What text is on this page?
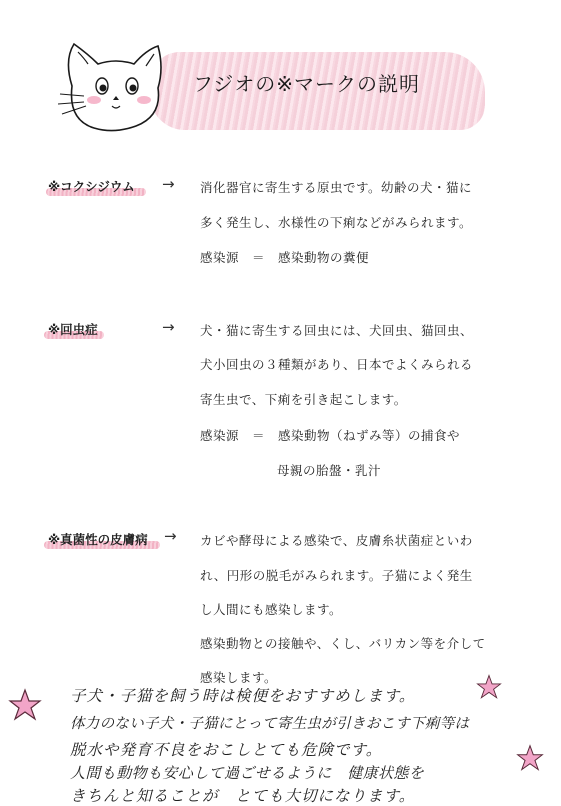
フジオの※マークの説明
※コクシジウム → 消化器官に寄生する原虫です。幼齢の犬・猫に
多く発生し、水様性の下痢などがみられます。
感染源　＝　感染動物の糞便
※回虫症	→ 犬・猫に寄生する回虫には、犬回虫、猫回虫、
犬小回虫の３種類があり、日本でよくみられる
寄生虫で、下痢を引き起こします。
感染源　＝　感染動物（ねずみ等）の捕食や
母親の胎盤・乳汁
※真菌性の皮膚病 → カビや酵母による感染で、皮膚糸状菌症といわ
れ、円形の脱毛がみられます。子猫によく発生
し人間にも感染します。
感染動物との接触や、くし、バリカン等を介して
感染します。
子犬・子猫を飼う時は検便をおすすめします。
体力のない子犬・子猫にとって寄生虫が引きおこす下痢等は
脱水や発育不良をおこしとても危険です。
人間も動物も安心して過ごせるように　健康状態を
きちんと知ることが　とても大切になります。
